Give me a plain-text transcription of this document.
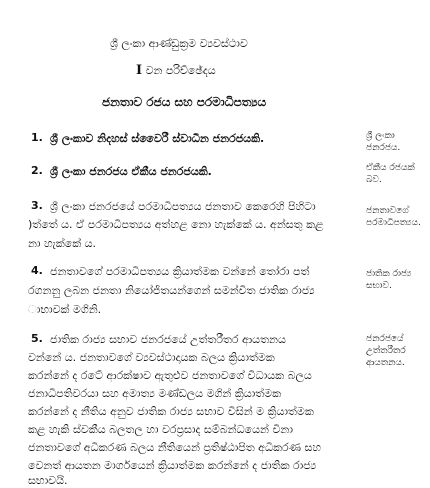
ශ්‍රී ලංකා ආණ්ඩුක්‍රම ව්‍යවස්ථාව
I වන පරිච්ඡේදය
ජනතාව රජය සහ පරමාධිපත්‍යය
1. ශ්‍රී ලංකාව නිදහස් ස්වෛරී ස්වාධීන ජනරජයකි.	ශ්‍රී ලංකා
ජනරජය.
2. ශ්‍රී ලංකා ජනරජය ඒකීය ජනරජයකි.	ඒකීය රජයක්
බව.
3. ශ්‍රී ලංකා ජනරජයේ පරමාධිපත්‍යය ජනතාව කෙරෙහි පිහිටා
)ත්තේ ය. ඒ පරමාධිපත්‍යය අත්හළ නො හැක්කේ ය. අන්සතු කළ
නා හැක්කේ ය.
ජනතාවගේ
පරමාධිපත්‍යය.
4. ජනතාවගේ පරමාධිපත්‍යය ක්‍රියාත්මක වන්නේ තෝරා පත්
රගනනු ලබන ජනතා නියෝජිතයන්ගෙන් සමන්විත ජාතික රාජ්‍ය
ාභාවක් මගිනි.
ජාතික රාජ්‍ය
සභාව.
5. ජාතික රාජ්‍ය සභාව ජනරජයේ උත්තරීතර ආයතනය
වන්නේ ය. ජනතාවගේ ව්‍යවස්ථාදායක බලය ක්‍රියාත්මක
කරන්නේ ද රටේ ආරක්ෂාව ඇතුළුව ජනතාවගේ විධායක බලය
ජනාධිපතිවරයා සහ අමාත්‍ය මණ්ඩලය මගින් ක්‍රියාත්මක
කරන්නේ ද නීතිය අනුව ජාතික රාජ්‍ය සභාව විසින් ම ක්‍රියාත්මක
කළ හැකි ස්වකීය බලතල හා වරප්‍රසාද සම්බන්ධයෙන් විනා
ජනතාවගේ අධිකරණ බලය නීතියෙන් ප්‍රතිෂ්ඨාපිත අධිකරණ සහ
වෙනත් ආයතන මාර්ගයෙන් ක්‍රියාත්මක කරන්නේ ද ජාතික රාජ්‍ය
සභාවයි.
ජනරජයේ
උත්තරීතර
ආයතනය.
